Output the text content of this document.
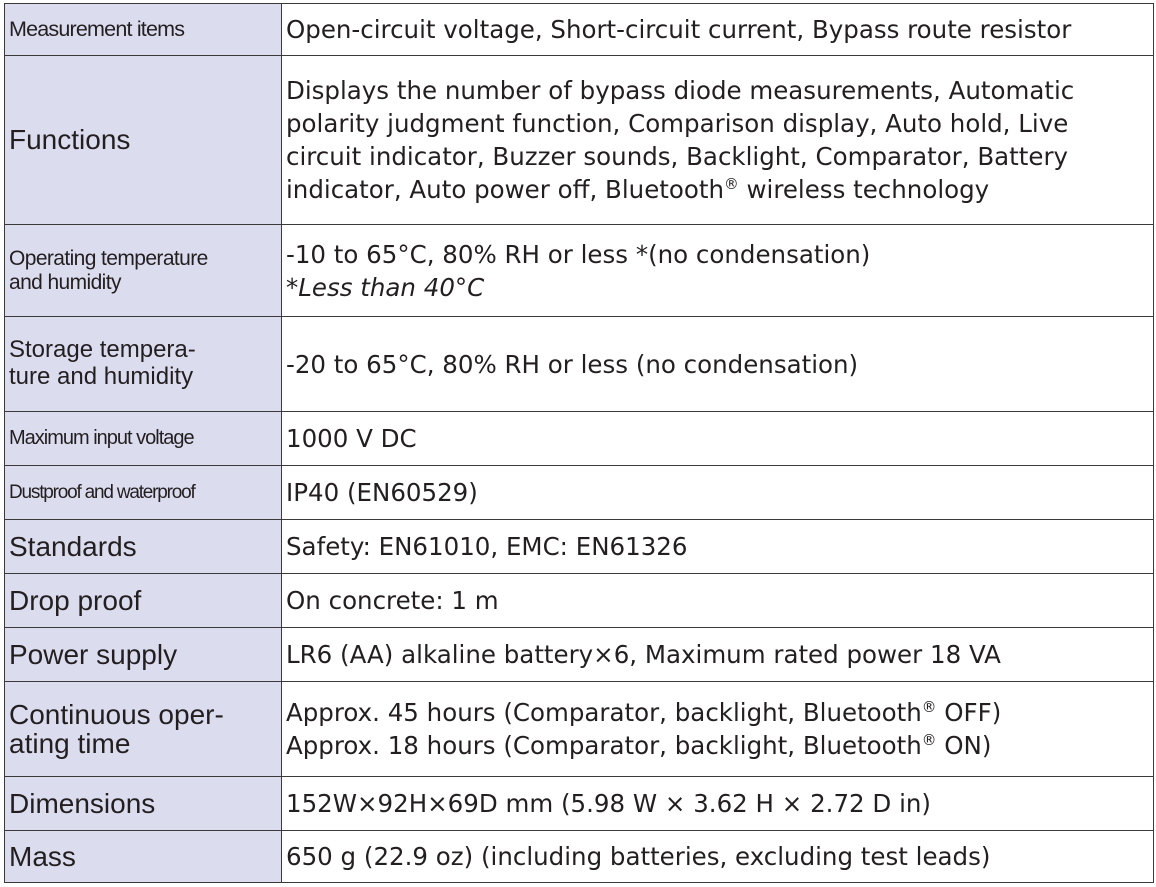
Measurement items	Open-circuit voltage, Short-circuit current, Bypass route resistor
Functions	Displays the number of bypass diode measurements, Automatic polarity judgment function, Comparison display, Auto hold, Live circuit indicator, Buzzer sounds, Backlight, Comparator, Battery indicator, Auto power off, Bluetooth® wireless technology

Operating temperature
and humidity	-10 to 65°C, 80% RH or less *(no condensation)
*Less than 40°C

Storage tempera-
ture and humidity	-20 to 65°C, 80% RH or less (no condensation)
Maximum input voltage	1000 V DC
Dustproof and waterproof	IP40 (EN60529)
Standards	Safety: EN61010, EMC: EN61326
Drop proof	On concrete: 1 m
Power supply	LR6 (AA) alkaline battery×6, Maximum rated power 18 VA

Continuous oper-
ating time	Approx. 45 hours (Comparator, backlight, Bluetooth® OFF)
Approx. 18 hours (Comparator, backlight, Bluetooth® ON)

Dimensions	152W×92H×69D mm (5.98 W × 3.62 H × 2.72 D in)
Mass	650 g (22.9 oz) (including batteries, excluding test leads)
